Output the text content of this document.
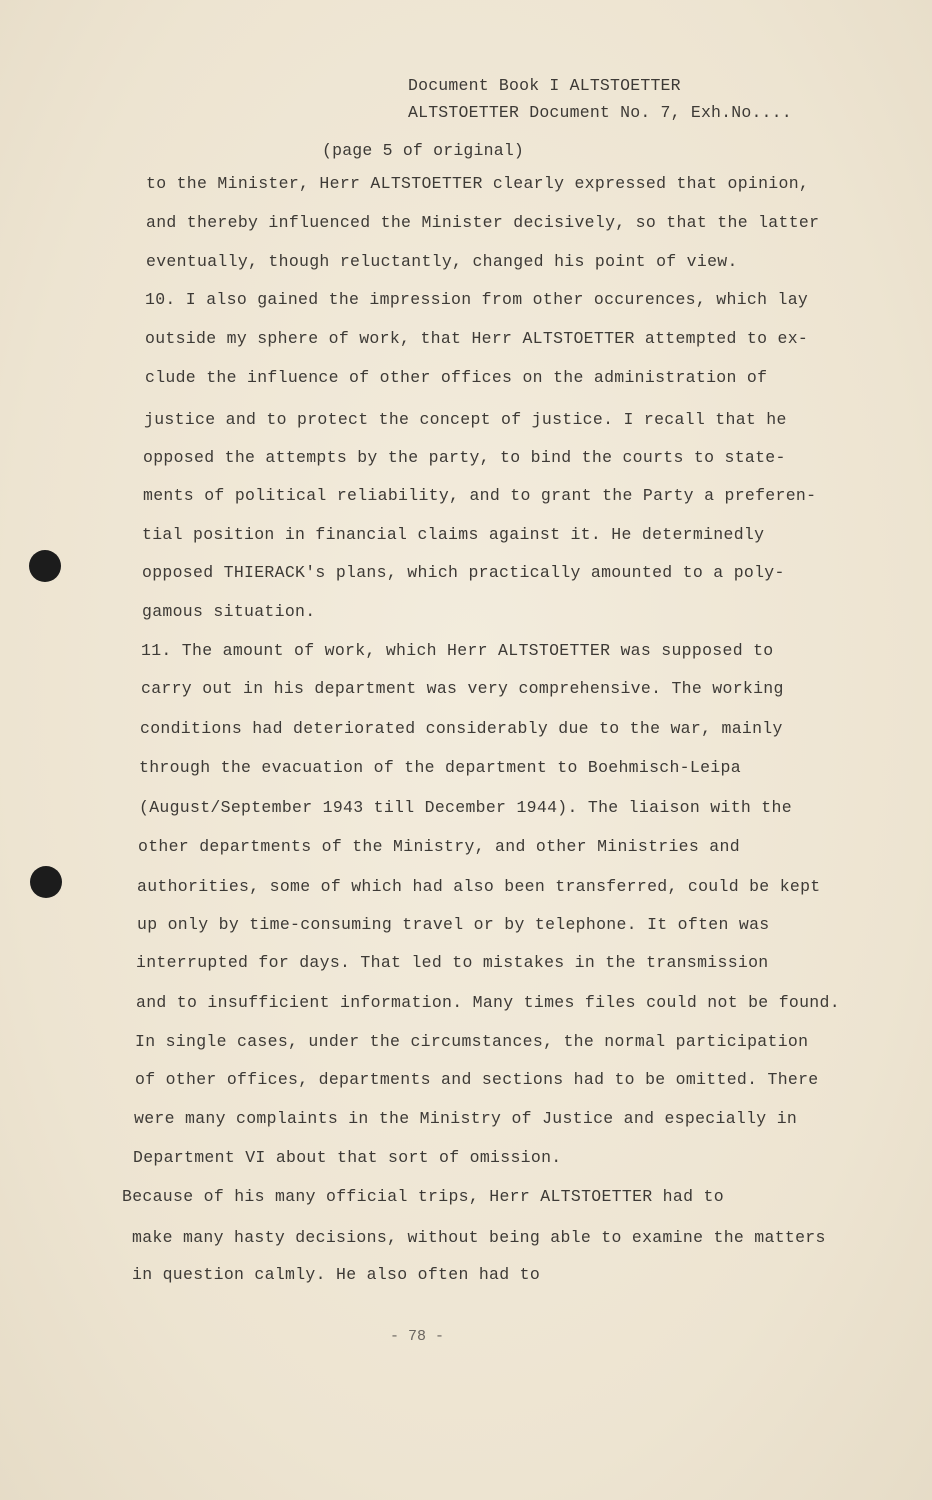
Document Book I ALTSTOETTER
ALTSTOETTER Document No. 7, Exh.No....
(page 5 of original)
to the Minister, Herr ALTSTOETTER clearly expressed that opinion,
and thereby influenced the Minister decisively, so that the latter
eventually, though reluctantly, changed his point of view.
10. I also gained the impression from other occurences, which lay
outside my sphere of work, that Herr ALTSTOETTER attempted to ex-
clude the influence of other offices on the administration of
justice and to protect the concept of justice. I recall that he
opposed the attempts by the party, to bind the courts to state-
ments of political reliability, and to grant the Party a preferen-
tial position in financial claims against it. He determinedly
opposed THIERACK's plans, which practically amounted to a poly-
gamous situation.
11. The amount of work, which Herr ALTSTOETTER was supposed to
carry out in his department was very comprehensive. The working
conditions had deteriorated considerably due to the war, mainly
through the evacuation of the department to Boehmisch-Leipa
(August/September 1943 till December 1944). The liaison with the
other departments of the Ministry, and other Ministries and
authorities, some of which had also been transferred, could be kept
up only by time-consuming travel or by telephone. It often was
interrupted for days. That led to mistakes in the transmission
and to insufficient information. Many times files could not be found.
In single cases, under the circumstances, the normal participation
of other offices, departments and sections had to be omitted. There
were many complaints in the Ministry of Justice and especially in
Department VI about that sort of omission.
Because of his many official trips, Herr ALTSTOETTER had to
make many hasty decisions, without being able to examine the matters
in question calmly. He also often had to
- 78 -
